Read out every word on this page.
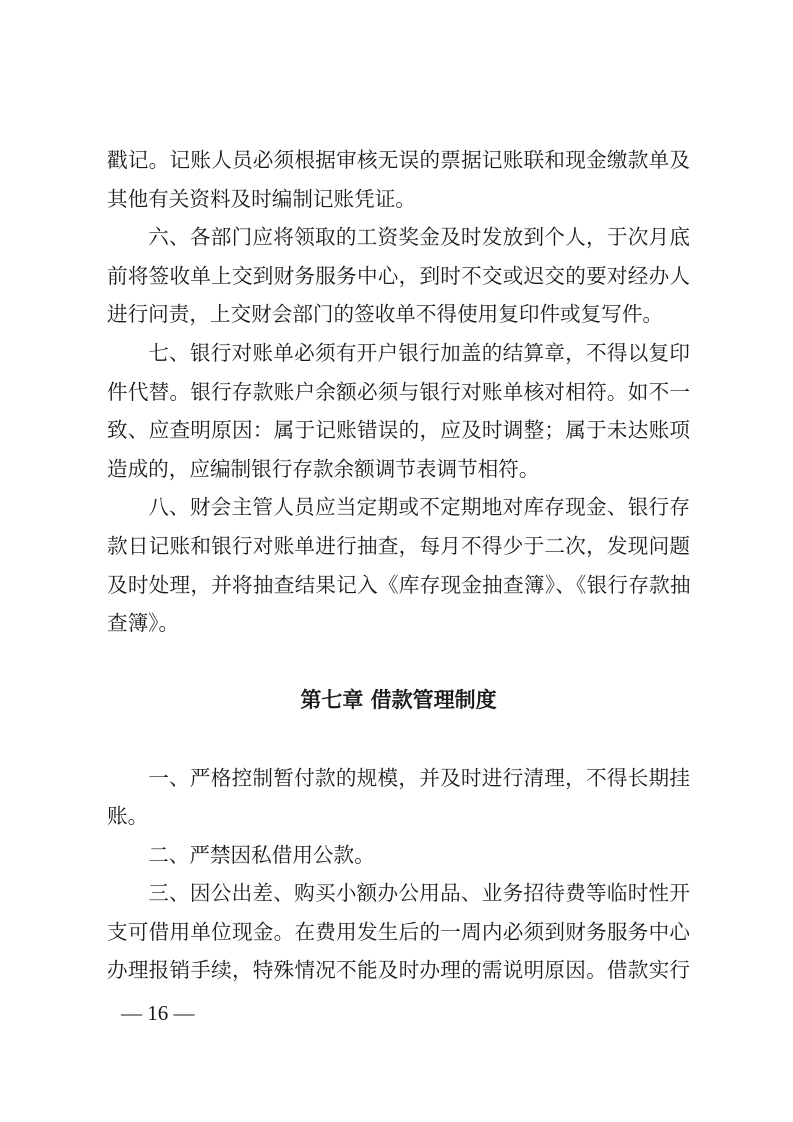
戳记。记账人员必须根据审核无误的票据记账联和现金缴款单及
其他有关资料及时编制记账凭证。
六、各部门应将领取的工资奖金及时发放到个人，于次月底
前将签收单上交到财务服务中心，到时不交或迟交的要对经办人
进行问责，上交财会部门的签收单不得使用复印件或复写件。
七、银行对账单必须有开户银行加盖的结算章，不得以复印
件代替。银行存款账户余额必须与银行对账单核对相符。如不一
致、应查明原因：属于记账错误的，应及时调整；属于未达账项
造成的，应编制银行存款余额调节表调节相符。
八、财会主管人员应当定期或不定期地对库存现金、银行存
款日记账和银行对账单进行抽查，每月不得少于二次，发现问题
及时处理，并将抽查结果记入《库存现金抽查簿》、《银行存款抽
查簿》。
第七章 借款管理制度
一、严格控制暂付款的规模，并及时进行清理，不得长期挂
账。
二、严禁因私借用公款。
三、因公出差、购买小额办公用品、业务招待费等临时性开
支可借用单位现金。在费用发生后的一周内必须到财务服务中心
办理报销手续，特殊情况不能及时办理的需说明原因。借款实行
— 16 —
